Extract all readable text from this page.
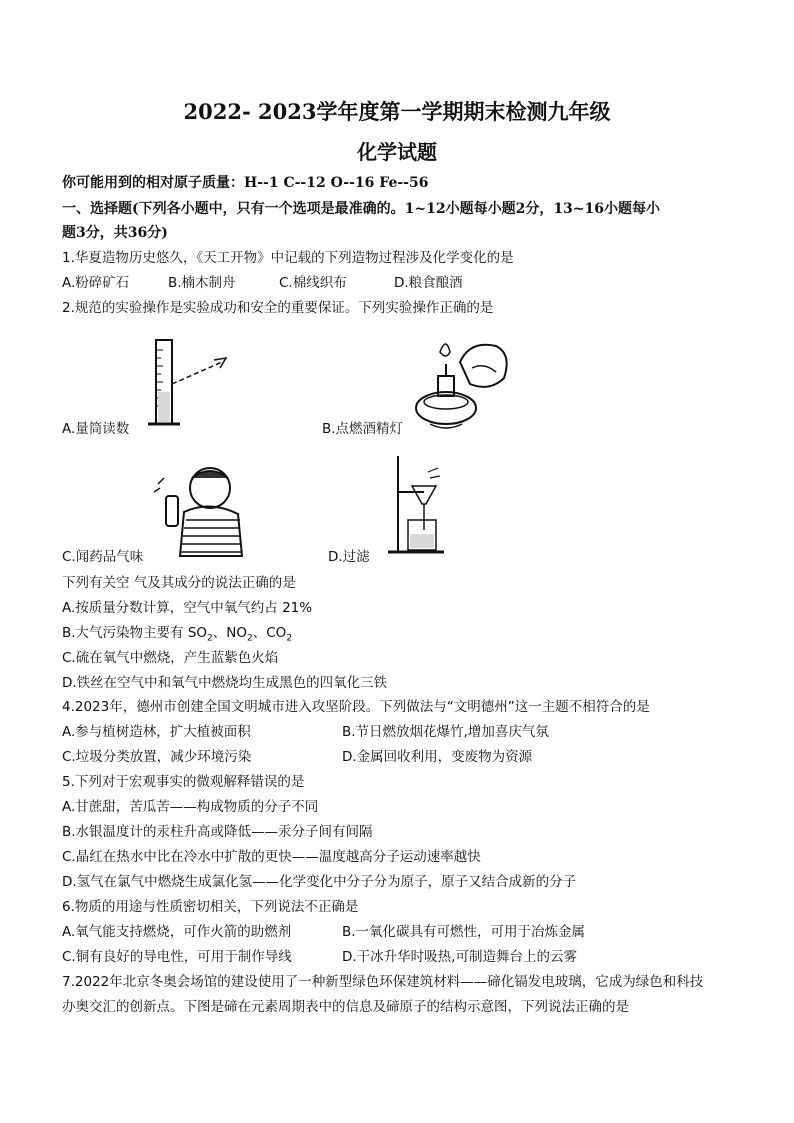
2022- 2023学年度第一学期期末检测九年级
化学试题
你可能用到的相对原子质量：H--1 C--12 O--16 Fe--56
一、选择题(下列各小题中，只有一个选项是最准确的。1~12小题每小题2分，13~16小题每小
题3分，共36分)
1.华夏造物历史悠久，《天工开物》中记载的下列造物过程涉及化学变化的是
A.粉碎矿石	B.楠木制舟	C.棉线织布	D.粮食酿酒
2.规范的实验操作是实验成功和安全的重要保证。下列实验操作正确的是
A.量筒读数	B.点燃酒精灯
C.闻药品气味	D.过滤
下列有关空 气及其成分的说法正确的是
A.按质量分数计算，空气中氧气约占 21%
B.大气污染物主要有 $SO_2$、$NO_2$、$CO_2$
C.硫在氧气中燃烧，产生蓝紫色火焰
D.铁丝在空气中和氧气中燃烧均生成黑色的四氧化三铁
4.2023年，德州市创建全国文明城市进入攻坚阶段。下列做法与“文明德州”这一主题不相符合的是
A.参与植树造林，扩大植被面积	B.节日燃放烟花爆竹,增加喜庆气氛
C.垃圾分类放置，减少环境污染	D.金属回收利用，变废物为资源
5.下列对于宏观事实的微观解释错误的是
A.甘蔗甜，苦瓜苦——构成物质的分子不同
B.水银温度计的汞柱升高或降低——汞分子间有间隔
C.晶红在热水中比在冷水中扩散的更快——温度越高分子运动速率越快
D.氢气在氯气中燃烧生成氯化氢——化学变化中分子分为原子，原子又结合成新的分子
6.物质的用途与性质密切相关，下列说法不正确是
A.氧气能支持燃烧，可作火箭的助燃剂	B.一氧化碳具有可燃性，可用于冶炼金属
C.铜有良好的导电性，可用于制作导线	D.干冰升华时吸热,可制造舞台上的云雾
7.2022年北京冬奥会场馆的建设使用了一种新型绿色环保建筑材料——碲化镉发电玻璃，它成为绿色和科技
办奥交汇的创新点。下图是碲在元素周期表中的信息及碲原子的结构示意图，下列说法正确的是
